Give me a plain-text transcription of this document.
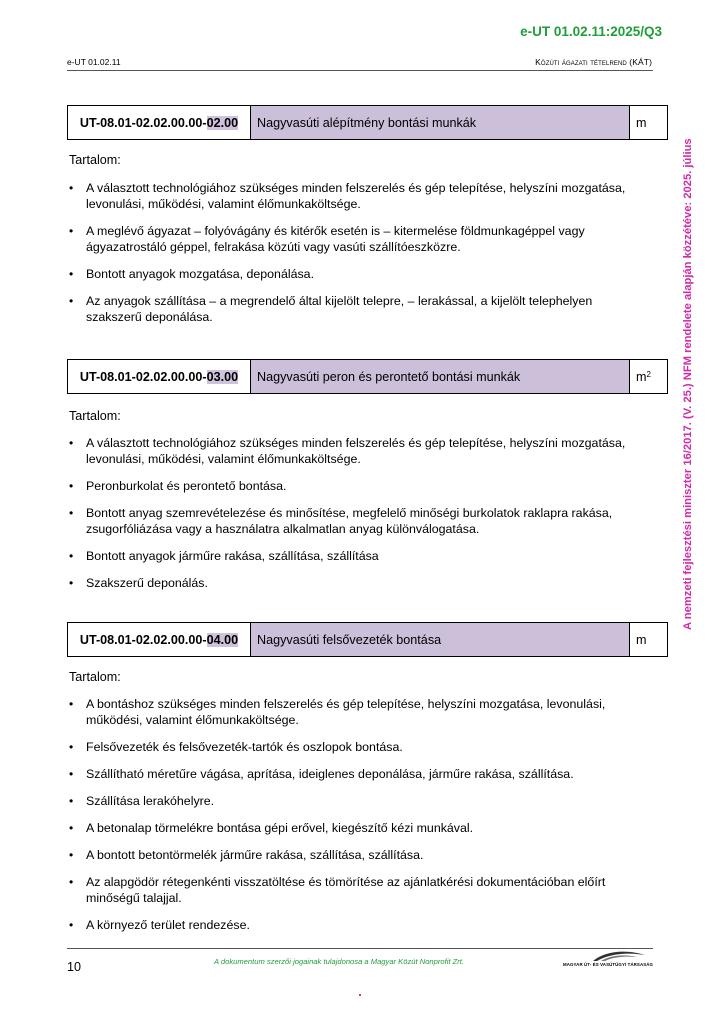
e-UT 01.02.11:2025/Q3
e-UT 01.02.11	Közúti ágazati tételrend (KÁT)
A nemzeti fejlesztési miniszter 16/2017. (V. 25.) NFM rendelete alapján közzétéve: 2025. július
UT-08.01-02.02.00.00- 02.00	Nagyvasúti alépítmény bontási munkák	m
Tartalom:
• A választott technológiához szükséges minden felszerelés és gép telepítése, helyszíni mozgatása, levonulási, működési, valamint élőmunkaköltsége.
• A meglévő ágyazat – folyóvágány és kitérők esetén is – kitermelése földmunkagéppel vagy ágyazatrostáló géppel, felrakása közúti vagy vasúti szállítóeszközre.
• Bontott anyagok mozgatása, deponálása.
• Az anyagok szállítása – a megrendelő által kijelölt telepre, – lerakással, a kijelölt telephelyen szakszerű deponálása.
UT-08.01-02.02.00.00- 03.00	Nagyvasúti peron és perontető bontási munkák	$m^2$
Tartalom:
• A választott technológiához szükséges minden felszerelés és gép telepítése, helyszíni mozgatása, levonulási, működési, valamint élőmunkaköltsége.
• Peronburkolat és perontető bontása.
• Bontott anyag szemrevételezése és minősítése, megfelelő minőségi burkolatok raklapra rakása, zsugorfóliázása vagy a használatra alkalmatlan anyag különválogatása.
• Bontott anyagok járműre rakása, szállítása, szállítása
• Szakszerű deponálás.
UT-08.01-02.02.00.00- 04.00	Nagyvasúti felsővezeték bontása	m
Tartalom:
• A bontáshoz szükséges minden felszerelés és gép telepítése, helyszíni mozgatása, levonulási, működési, valamint élőmunkaköltsége.
• Felsővezeték és felsővezeték-tartók és oszlopok bontása.
• Szállítható méretűre vágása, aprítása, ideiglenes deponálása, járműre rakása, szállítása.
• Szállítása lerakóhelyre.
• A betonalap törmelékre bontása gépi erővel, kiegészítő kézi munkával.
• A bontott betontörmelék járműre rakása, szállítása, szállítása.
• Az alapgödör rétegenkénti visszatöltése és tömörítése az ajánlatkérési dokumentációban előírt minőségű talajjal.
• A környező terület rendezése.
10	A dokumentum szerzői jogainak tulajdonosa a Magyar Közút Nonprofit Zrt.	MAGYAR ÚT- ÉS VASÚTÜGYI TÁRSASÁG
